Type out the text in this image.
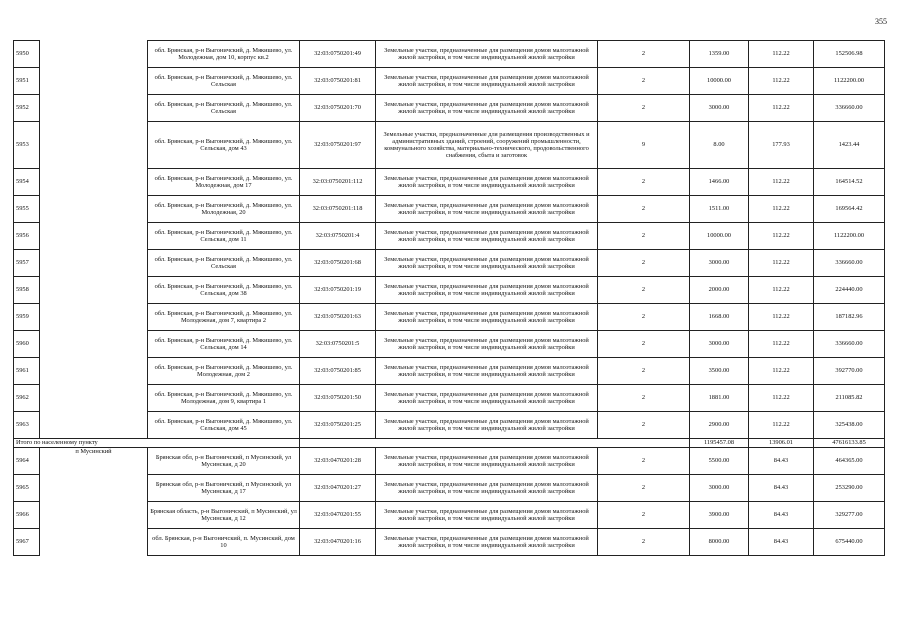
355
5950		обл. Брянская, р-н Выгоничский, д. Мякишево, ул. Молодежная, дом 10, корпус кв.2	32:03:0750201:49	Земельные участки, предназначенные для размещения домов малоэтажной жилой застройки, в том числе индивидуальной жилой застройки	2	1359.00	112.22	152506.98
5951		обл. Брянская, р-н Выгоничский, д. Мякишево, ул. Сельская	32:03:0750201:81	Земельные участки, предназначенные для размещения домов малоэтажной жилой застройки, в том числе индивидуальной жилой застройки	2	10000.00	112.22	1122200.00
5952		обл. Брянская, р-н Выгоничский, д. Мякишево, ул. Сельская	32:03:0750201:70	Земельные участки, предназначенные для размещения домов малоэтажной жилой застройки, в том числе индивидуальной жилой застройки	2	3000.00	112.22	336660.00
5953		обл. Брянская, р-н Выгоничский, д. Мякишево, ул. Сельская, дом 43	32:03:0750201:97	Земельные участки, предназначенные для размещения производственных и административных зданий, строений, сооружений промышленности, коммунального хозяйства, материально-технического, продовольственного снабжения, сбыта и заготовок	9	8.00	177.93	1423.44
5954		обл. Брянская, р-н Выгоничский, д. Мякишево, ул. Молодежная, дом 17	32:03:0750201:112	Земельные участки, предназначенные для размещения домов малоэтажной жилой застройки, в том числе индивидуальной жилой застройки	2	1466.00	112.22	164514.52
5955		обл. Брянская, р-н Выгоничский, д. Мякишево, ул. Молодежная, 20	32:03:0750201:118	Земельные участки, предназначенные для размещения домов малоэтажной жилой застройки, в том числе индивидуальной жилой застройки	2	1511.00	112.22	169564.42
5956		обл. Брянская, р-н Выгоничский, д. Мякишево, ул. Сельская, дом 11	32:03:0750201:4	Земельные участки, предназначенные для размещения домов малоэтажной жилой застройки, в том числе индивидуальной жилой застройки	2	10000.00	112.22	1122200.00
5957		обл. Брянская, р-н Выгоничский, д. Мякишево, ул. Сельская	32:03:0750201:68	Земельные участки, предназначенные для размещения домов малоэтажной жилой застройки, в том числе индивидуальной жилой застройки	2	3000.00	112.22	336660.00
5958		обл. Брянская, р-н Выгоничский, д. Мякишево, ул. Сельская, дом 38	32:03:0750201:19	Земельные участки, предназначенные для размещения домов малоэтажной жилой застройки, в том числе индивидуальной жилой застройки	2	2000.00	112.22	224440.00
5959		обл. Брянская, р-н Выгоничский, д. Мякишево, ул. Молодежная, дом 7, квартира 2	32:03:0750201:63	Земельные участки, предназначенные для размещения домов малоэтажной жилой застройки, в том числе индивидуальной жилой застройки	2	1668.00	112.22	187182.96
5960		обл. Брянская, р-н Выгоничский, д. Мякишево, ул. Сельская, дом 14	32:03:0750201:5	Земельные участки, предназначенные для размещения домов малоэтажной жилой застройки, в том числе индивидуальной жилой застройки	2	3000.00	112.22	336660.00
5961		обл. Брянская, р-н Выгоничский, д. Мякишево, ул. Молодежная, дом 2	32:03:0750201:85	Земельные участки, предназначенные для размещения домов малоэтажной жилой застройки, в том числе индивидуальной жилой застройки	2	3500.00	112.22	392770.00
5962		обл. Брянская, р-н Выгоничский, д. Мякишево, ул. Молодежная, дом 9, квартира 1	32:03:0750201:50	Земельные участки, предназначенные для размещения домов малоэтажной жилой застройки, в том числе индивидуальной жилой застройки	2	1881.00	112.22	211085.82
5963		обл. Брянская, р-н Выгоничский, д. Мякишево, ул. Сельская, дом 45	32:03:0750201:25	Земельные участки, предназначенные для размещения домов малоэтажной жилой застройки, в том числе индивидуальной жилой застройки	2	2900.00	112.22	325438.00
Итого по населенному пункту						1195457.08	13906.01	47616133.85
5964	п Мусинский	Брянская обл, р-н Выгоничский, п Мусинский, ул Мусинская, д 20	32:03:0470201:28	Земельные участки, предназначенные для размещения домов малоэтажной жилой застройки, в том числе индивидуальной жилой застройки	2	5500.00	84.43	464365.00
5965		Брянская обл, р-н Выгоничский, п Мусинский, ул Мусинская, д 17	32:03:0470201:27	Земельные участки, предназначенные для размещения домов малоэтажной жилой застройки, в том числе индивидуальной жилой застройки	2	3000.00	84.43	253290.00
5966		Брянская область, р-н Выгоничский, п Мусинский, ул Мусинская, д 12	32:03:0470201:55	Земельные участки, предназначенные для размещения домов малоэтажной жилой застройки, в том числе индивидуальной жилой застройки	2	3900.00	84.43	329277.00
5967		обл. Брянская, р-н Выгоничский, п. Мусинский, дом 10	32:03:0470201:16	Земельные участки, предназначенные для размещения домов малоэтажной жилой застройки, в том числе индивидуальной жилой застройки	2	8000.00	84.43	675440.00
